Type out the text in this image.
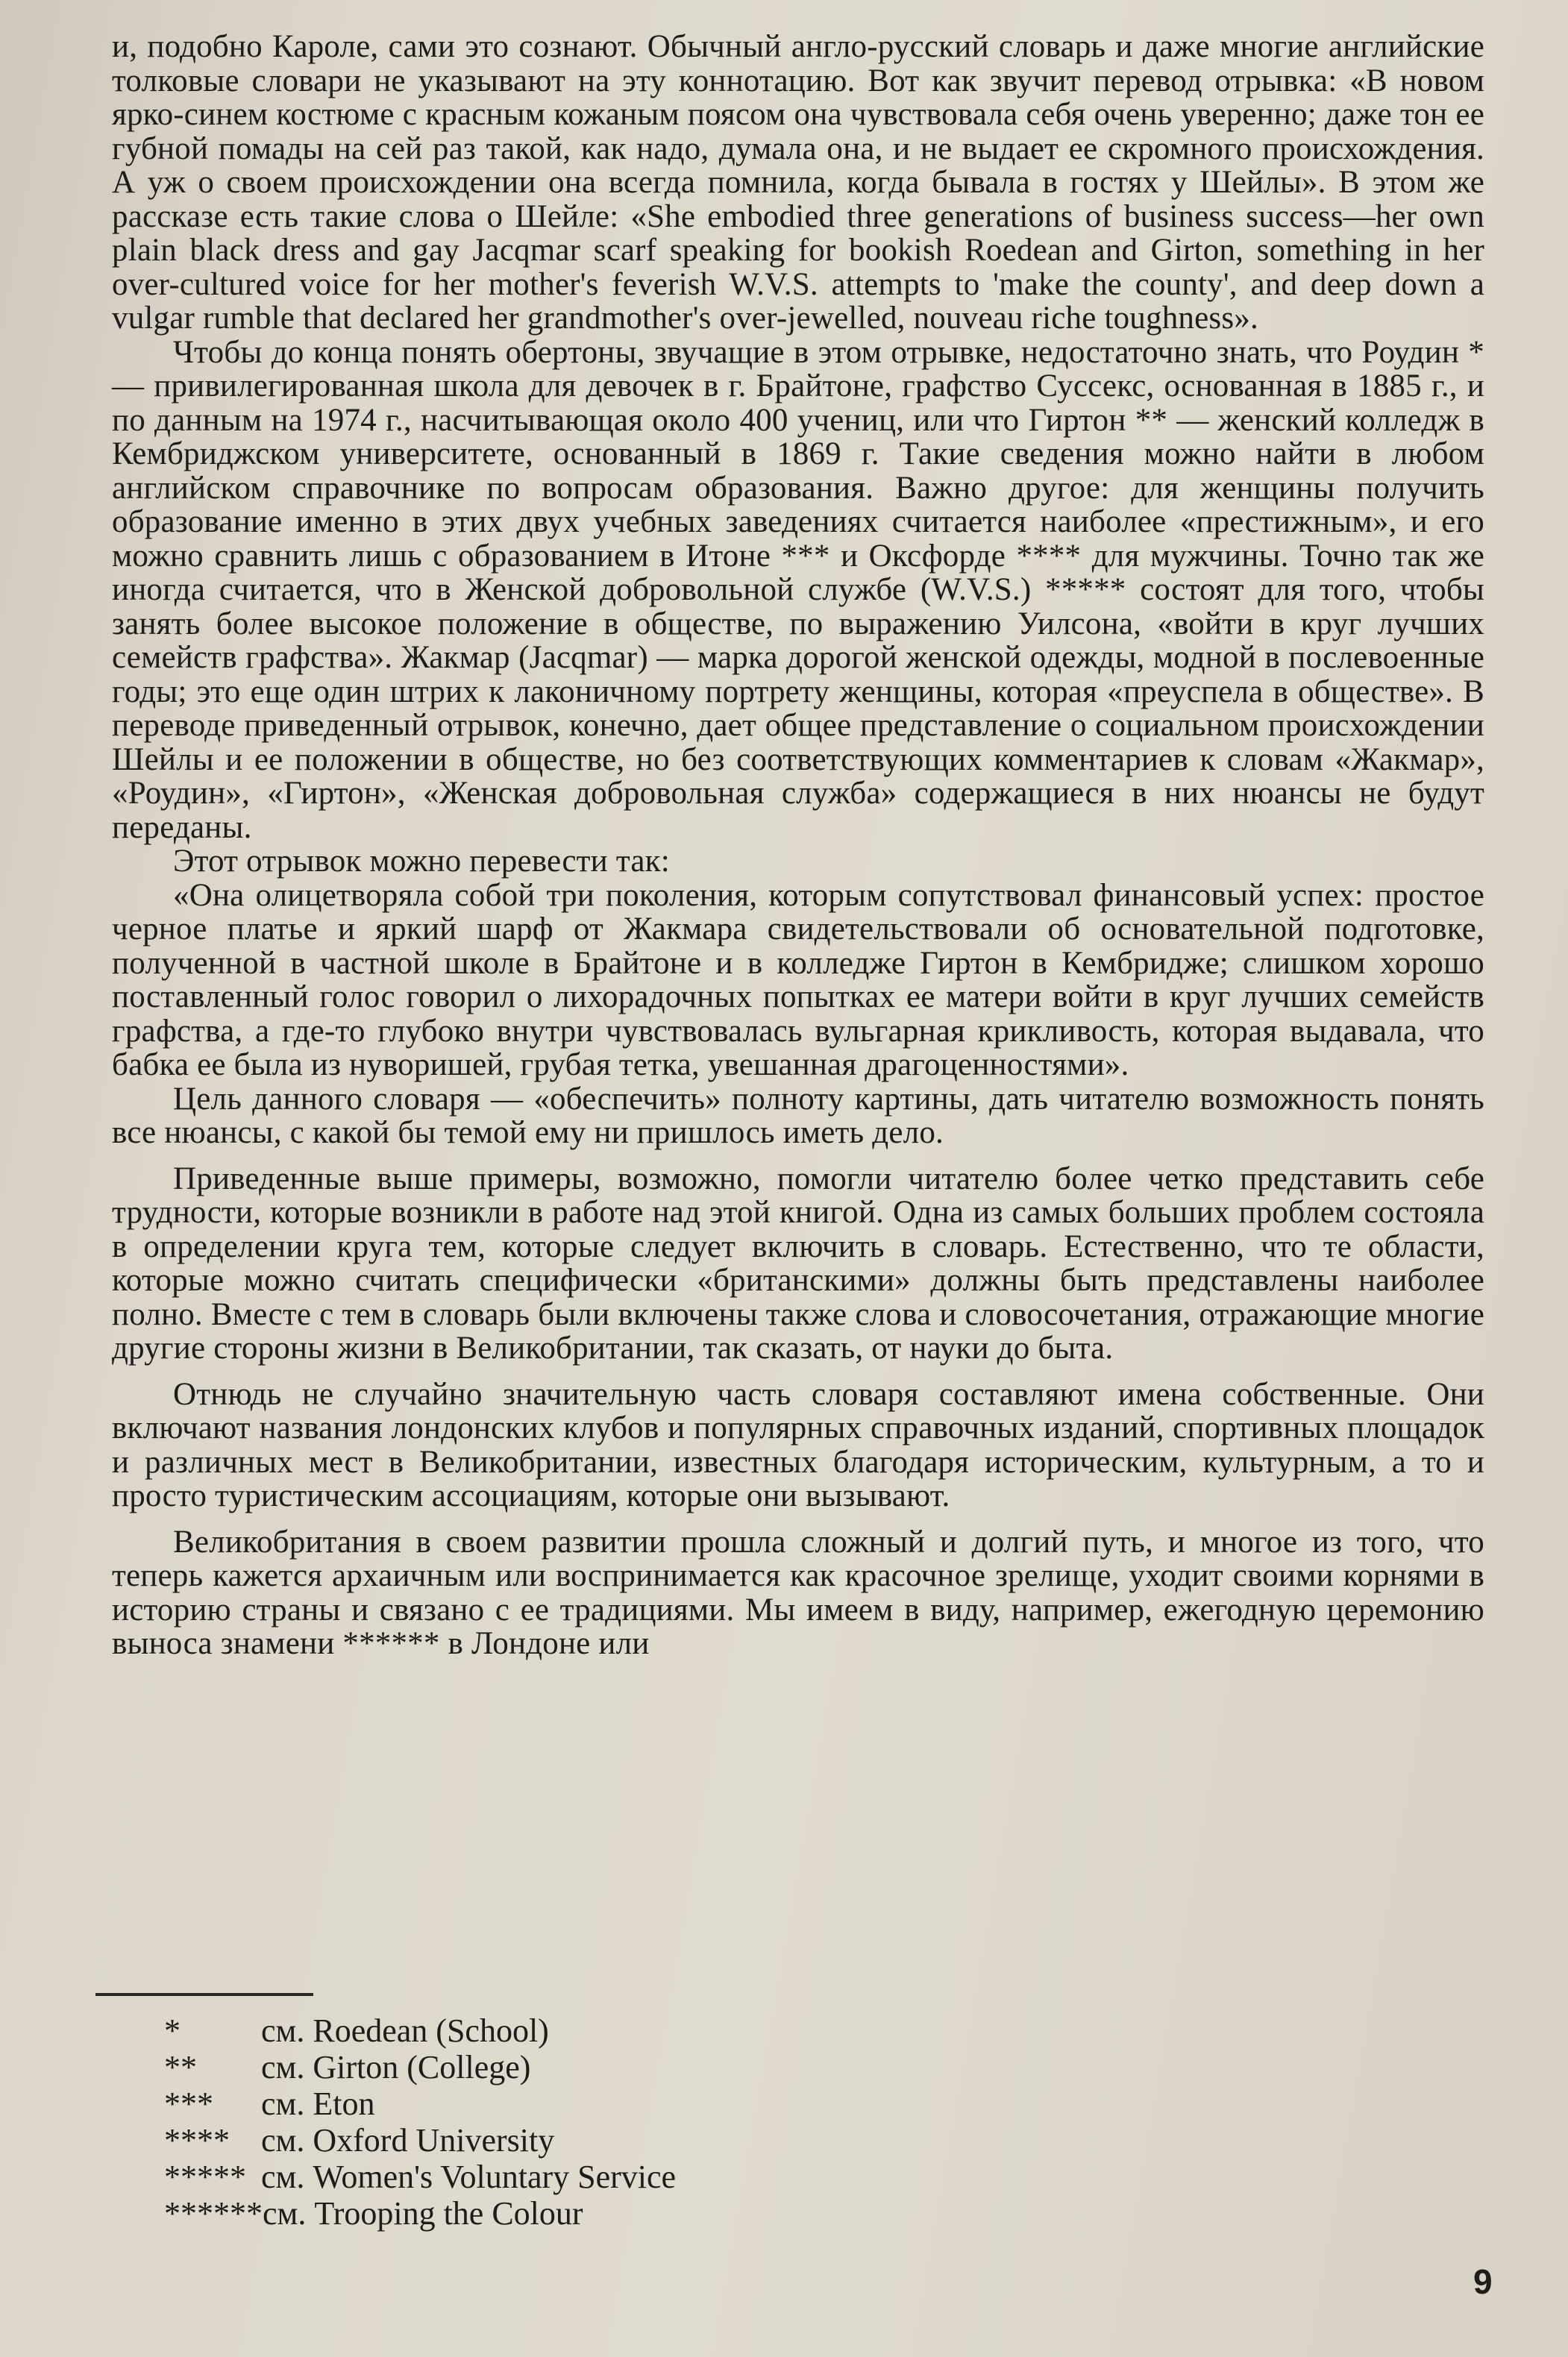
и, подобно Кароле, сами это сознают. Обычный англо-русский словарь и даже многие английские толковые словари не указывают на эту коннотацию. Вот как звучит перевод отрывка: «В новом ярко-синем костюме с красным кожаным поясом она чувствовала себя очень уверенно; даже тон ее губной помады на сей раз такой, как надо, думала она, и не выдает ее скромного происхождения. А уж о своем происхождении она всегда помнила, когда бывала в гостях у Шейлы». В этом же рассказе есть такие слова о Шейле: «She embodied three generations of business success—her own plain black dress and gay Jacqmar scarf speaking for bookish Roedean and Girton, something in her over-cultured voice for her mother's feverish W.V.S. attempts to 'make the county', and deep down a vulgar rumble that declared her grandmother's over-jewelled, nouveau riche toughness».

Чтобы до конца понять обертоны, звучащие в этом отрывке, недостаточно знать, что Роудин * — привилегированная школа для девочек в г. Брайтоне, графство Суссекс, основанная в 1885 г., и по данным на 1974 г., насчитывающая около 400 учениц, или что Гиртон ** — женский колледж в Кембриджском университете, основанный в 1869 г. Такие сведения можно найти в любом английском справочнике по вопросам образования. Важно другое: для женщины получить образование именно в этих двух учебных заведениях считается наиболее «престижным», и его можно сравнить лишь с образованием в Итоне *** и Оксфорде **** для мужчины. Точно так же иногда считается, что в Женской добровольной службе (W.V.S.) ***** состоят для того, чтобы занять более высокое положение в обществе, по выражению Уилсона, «войти в круг лучших семейств графства». Жакмар (Jacqmar) — марка дорогой женской одежды, модной в послевоенные годы; это еще один штрих к лаконичному портрету женщины, которая «преуспела в обществе». В переводе приведенный отрывок, конечно, дает общее представление о социальном происхождении Шейлы и ее положении в обществе, но без соответствующих комментариев к словам «Жакмар», «Роудин», «Гиртон», «Женская добровольная служба» содержащиеся в них нюансы не будут переданы.

Этот отрывок можно перевести так:

«Она олицетворяла собой три поколения, которым сопутствовал финансовый успех: простое черное платье и яркий шарф от Жакмара свидетельствовали об основательной подготовке, полученной в частной школе в Брайтоне и в колледже Гиртон в Кембридже; слишком хорошо поставленный голос говорил о лихорадочных попытках ее матери войти в круг лучших семейств графства, а где-то глубоко внутри чувствовалась вульгарная крикливость, которая выдавала, что бабка ее была из нуворишей, грубая тетка, увешанная драгоценностями».

Цель данного словаря — «обеспечить» полноту картины, дать читателю возможность понять все нюансы, с какой бы темой ему ни пришлось иметь дело.

Приведенные выше примеры, возможно, помогли читателю более четко представить себе трудности, которые возникли в работе над этой книгой. Одна из самых больших проблем состояла в определении круга тем, которые следует включить в словарь. Естественно, что те области, которые можно считать специфически «британскими» должны быть представлены наиболее полно. Вместе с тем в словарь были включены также слова и словосочетания, отражающие многие другие стороны жизни в Великобритании, так сказать, от науки до быта.

Отнюдь не случайно значительную часть словаря составляют имена собственные. Они включают названия лондонских клубов и популярных справочных изданий, спортивных площадок и различных мест в Великобритании, известных благодаря историческим, культурным, а то и просто туристическим ассоциациям, которые они вызывают.

Великобритания в своем развитии прошла сложный и долгий путь, и многое из того, что теперь кажется архаичным или воспринимается как красочное зрелище, уходит своими корнями в историю страны и связано с ее традициями. Мы имеем в виду, например, ежегодную церемонию выноса знамени ****** в Лондоне или

* см. Roedean (School)
** см. Girton (College)
*** см. Eton
**** см. Oxford University
***** см. Women's Voluntary Service
******см. Trooping the Colour
9
